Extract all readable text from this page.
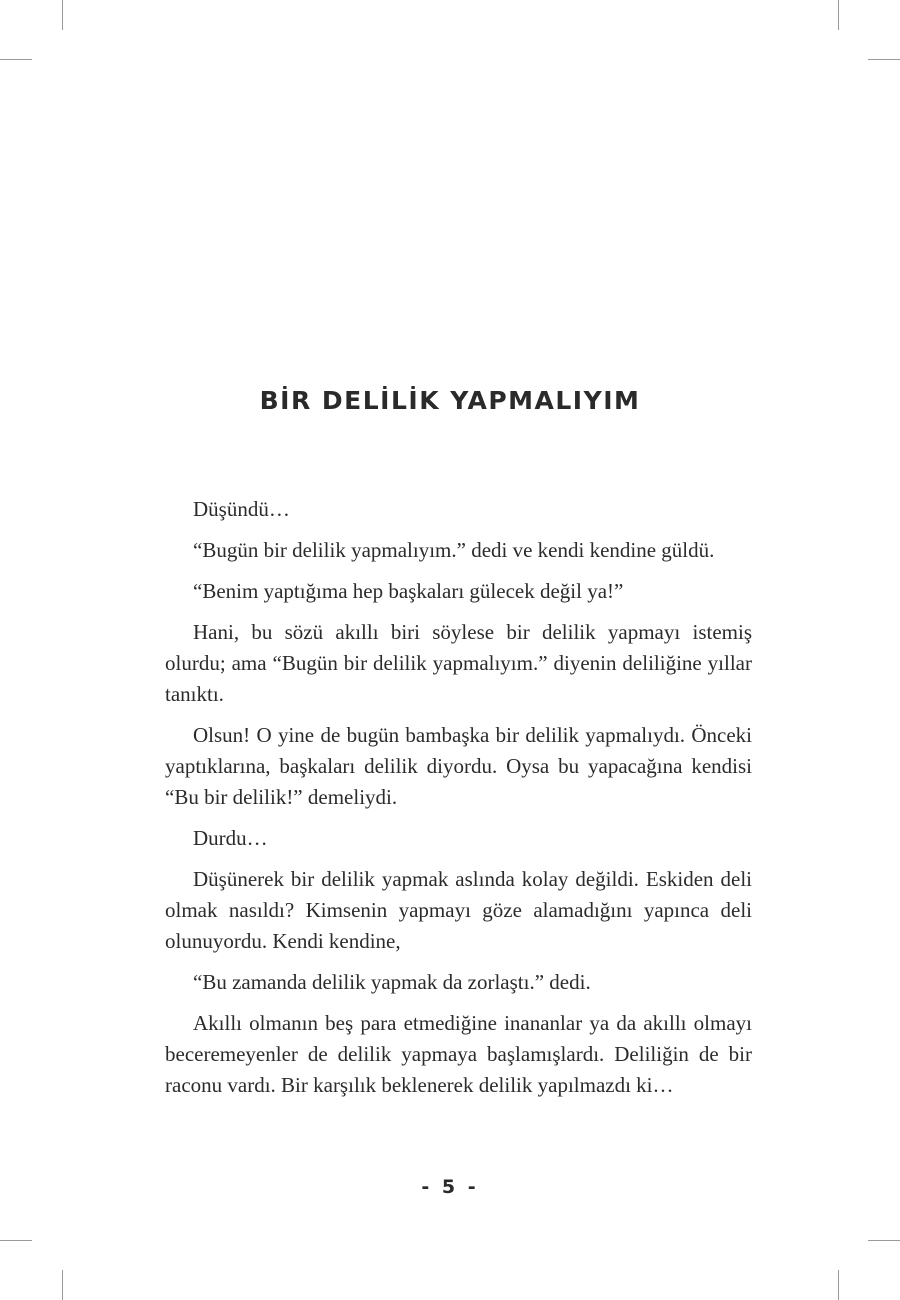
BİR DELİLİK YAPMALIYIM

Düşündü…

“Bugün bir delilik yapmalıyım.” dedi ve kendi kendine güldü.

“Benim yaptığıma hep başkaları gülecek değil ya!”

Hani, bu sözü akıllı biri söylese bir delilik yapmayı istemiş olurdu; ama “Bugün bir delilik yapmalıyım.” diyenin deliliğine yıllar tanıktı.

Olsun! O yine de bugün bambaşka bir delilik yapmalıydı. Önceki yaptıklarına, başkaları delilik diyordu. Oysa bu yapacağına kendisi “Bu bir delilik!” demeliydi.

Durdu…

Düşünerek bir delilik yapmak aslında kolay değildi. Eskiden deli olmak nasıldı? Kimsenin yapmayı göze alamadığını yapınca deli olunuyordu. Kendi kendine,

“Bu zamanda delilik yapmak da zorlaştı.” dedi.

Akıllı olmanın beş para etmediğine inananlar ya da akıllı olmayı beceremeyenler de delilik yapmaya başlamışlardı. Deliliğin de bir raconu vardı. Bir karşılık beklenerek delilik yapılmazdı ki…

- 5 -
